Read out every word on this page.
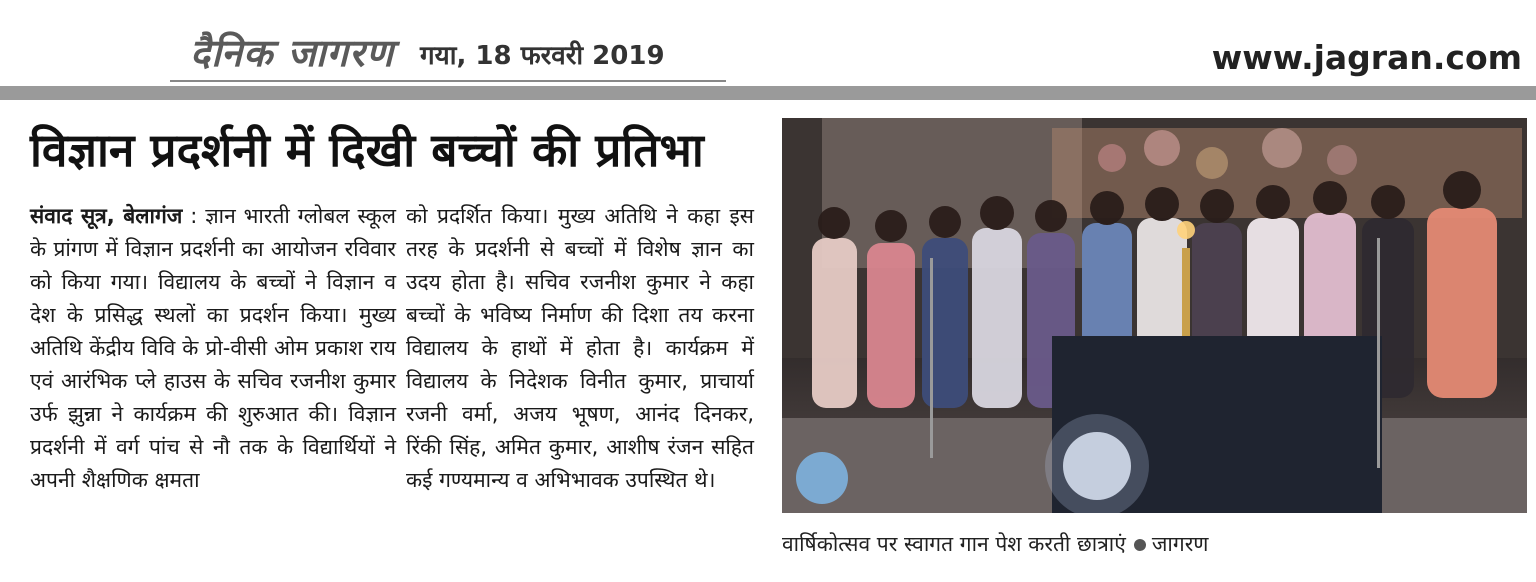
दैनिक जागरण गया, 18 फरवरी 2019	www.jagran.com
विज्ञान प्रदर्शनी में दिखी बच्चों की प्रतिभा
संवाद सूत्र, बेलागंज : ज्ञान भारती ग्लोबल स्कूल के प्रांगण में विज्ञान प्रदर्शनी का आयोजन रविवार को किया गया। विद्यालय के बच्चों ने विज्ञान व देश के प्रसिद्ध स्थलों का प्रदर्शन किया। मुख्य अतिथि केंद्रीय विवि के प्रो-वीसी ओम प्रकाश राय एवं आरंभिक प्ले हाउस के सचिव रजनीश कुमार उर्फ झुन्ना ने कार्यक्रम की शुरुआत की। विज्ञान प्रदर्शनी में वर्ग पांच से नौ तक के विद्यार्थियों ने अपनी शैक्षणिक क्षमता
को प्रदर्शित किया। मुख्य अतिथि ने कहा इस तरह के प्रदर्शनी से बच्चों में विशेष ज्ञान का उदय होता है। सचिव रजनीश कुमार ने कहा बच्चों के भविष्य निर्माण की दिशा तय करना विद्यालय के हाथों में होता है। कार्यक्रम में विद्यालय के निदेशक विनीत कुमार, प्राचार्या रजनी वर्मा, अजय भूषण, आनंद दिनकर, रिंकी सिंह, अमित कुमार, आशीष रंजन सहित कई गण्यमान्य व अभिभावक उपस्थित थे।
वार्षिकोत्सव पर स्वागत गान पेश करती छात्राएं जागरण
